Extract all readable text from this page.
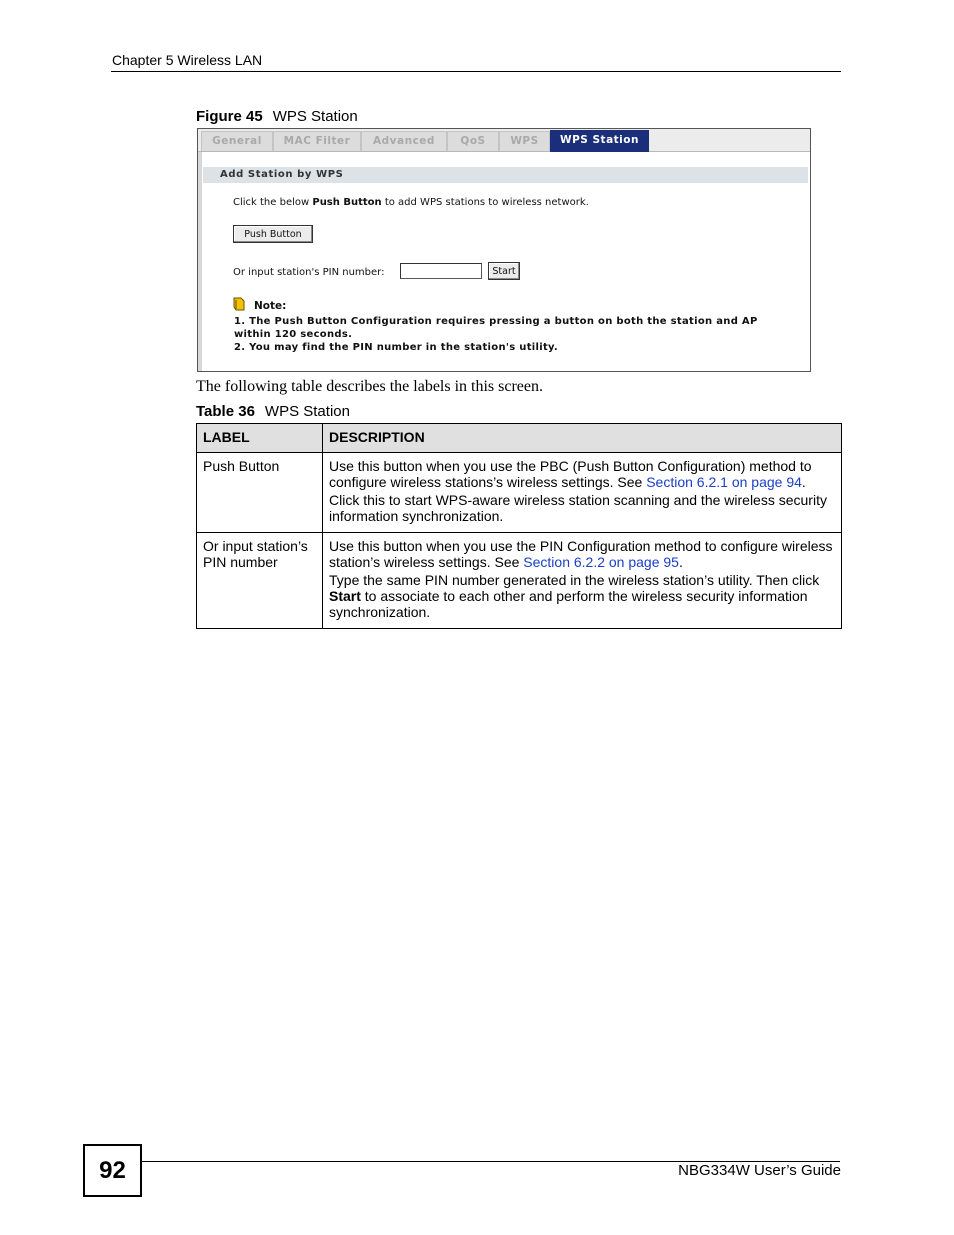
Chapter 5 Wireless LAN
Figure 45 WPS Station
General	MAC Filter	Advanced	QoS	WPS	WPS Station
Add Station by WPS
Click the below Push Button to add WPS stations to wireless network.
Push Button
Or input station's PIN number:	Start
Note:
1. The Push Button Configuration requires pressing a button on both the station and AP
within 120 seconds.
2. You may find the PIN number in the station's utility.
The following table describes the labels in this screen.
Table 36 WPS Station
LABEL	DESCRIPTION
Push Button	Use this button when you use the PBC (Push Button Configuration) method to configure wireless stations’s wireless settings. See Section 6.2.1 on page 94.

Click this to start WPS-aware wireless station scanning and the wireless security information synchronization.

Or input station’s PIN number	Use this button when you use the PIN Configuration method to configure wireless station’s wireless settings. See Section 6.2.2 on page 95.

Type the same PIN number generated in the wireless station’s utility. Then click Start to associate to each other and perform the wireless security information synchronization.

92	NBG334W User’s Guide
